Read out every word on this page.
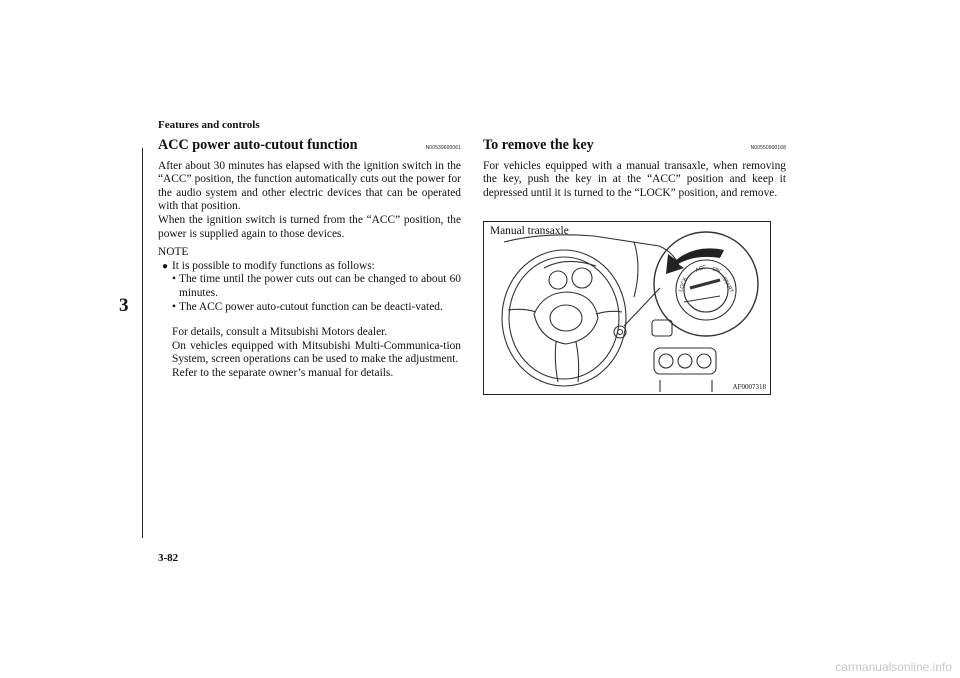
Features and controls
3
ACC power auto-cutout function	N00539600061

After about 30 minutes has elapsed with the ignition switch in the “ACC” position, the function automatically cuts out the power for the audio system and other electric devices that can be operated with that position.

When the ignition switch is turned from the “ACC” position, the power is supplied again to those devices.

NOTE
● It is possible to modify functions as follows:
• The time until the power cuts out can be changed to about 60 minutes.
• The ACC power auto-cutout function can be deacti-vated.
For details, consult a Mitsubishi Motors dealer.
On vehicles equipped with Mitsubishi Multi-Communica-tion System, screen operations can be used to make the adjustment.
Refer to the separate owner’s manual for details.
To remove the key	N00550900168

For vehicles equipped with a manual transaxle, when removing the key, push the key in at the “ACC” position and keep it depressed until it is turned to the “LOCK” position, and remove.

LOCK
ACC ON
START
Manual transaxle
AF0007318
3-82
carmanualsonline.info
